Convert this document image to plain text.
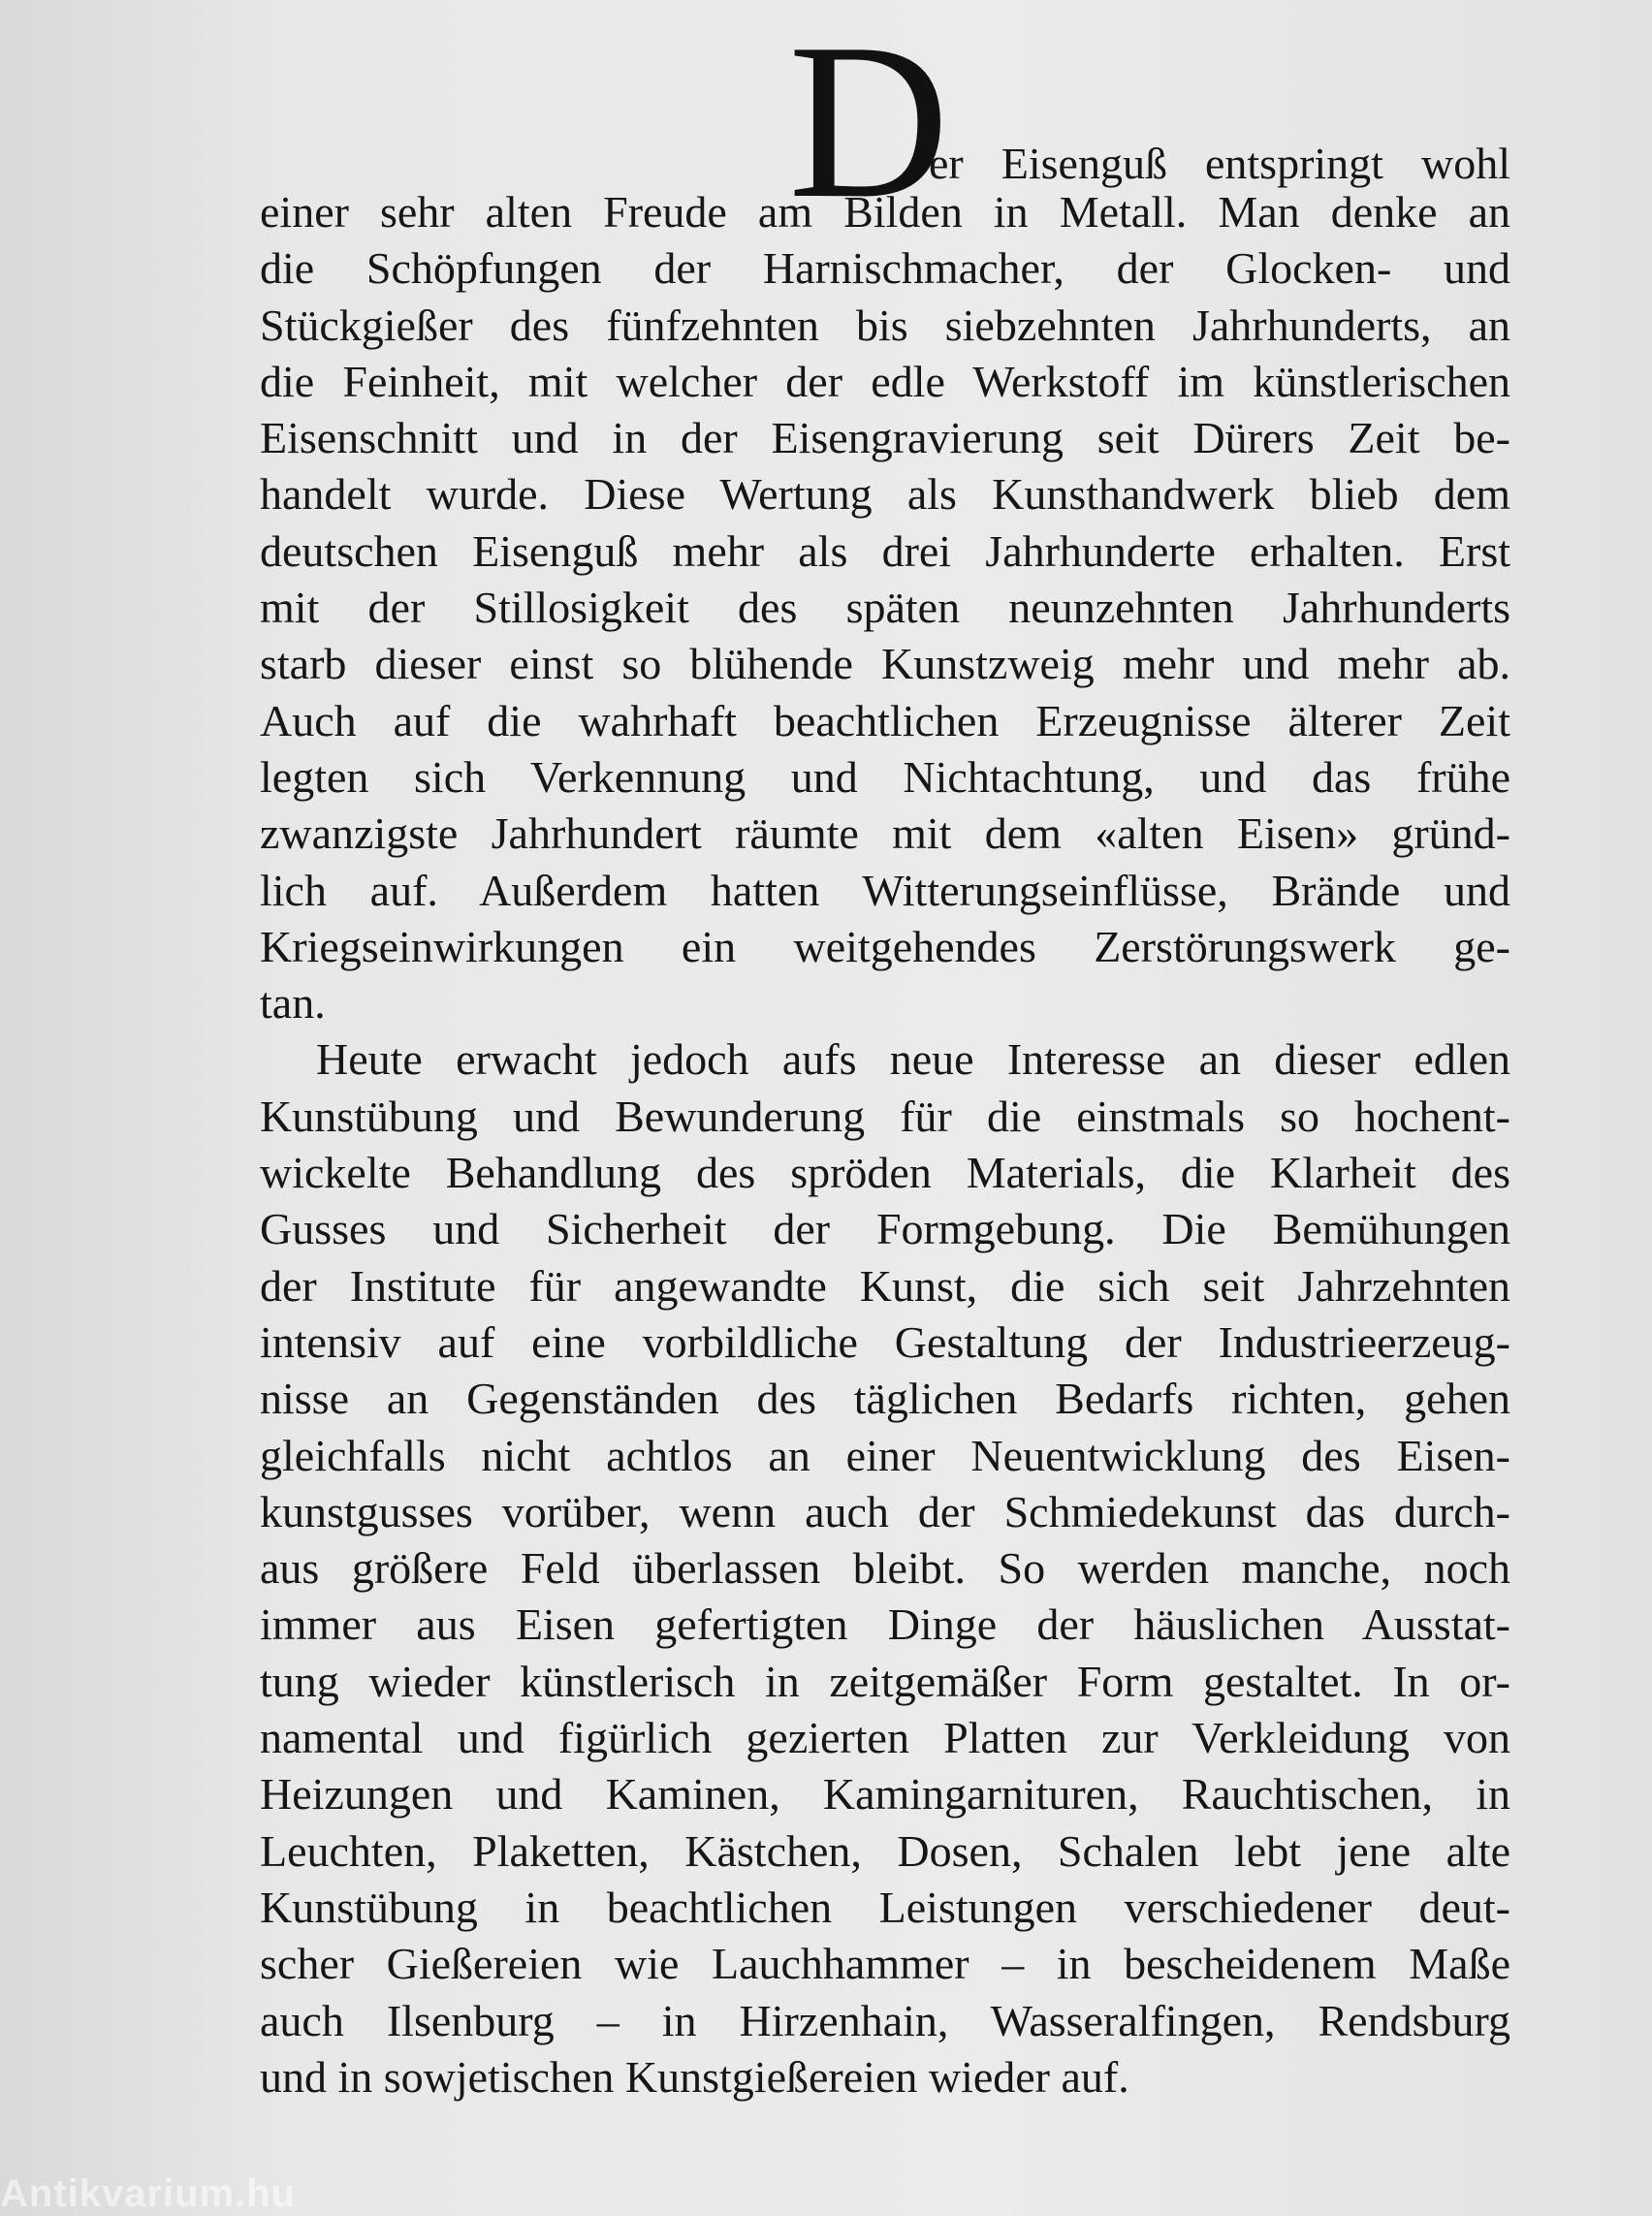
D
er Eisenguß entspringt wohl
einer sehr alten Freude am Bilden in Metall. Man denke an
die Schöpfungen der Harnischmacher, der Glocken- und
Stückgießer des fünfzehnten bis siebzehnten Jahrhunderts, an
die Feinheit, mit welcher der edle Werkstoff im künstlerischen
Eisenschnitt und in der Eisengravierung seit Dürers Zeit be-
handelt wurde. Diese Wertung als Kunsthandwerk blieb dem
deutschen Eisenguß mehr als drei Jahrhunderte erhalten. Erst
mit der Stillosigkeit des späten neunzehnten Jahrhunderts
starb dieser einst so blühende Kunstzweig mehr und mehr ab.
Auch auf die wahrhaft beachtlichen Erzeugnisse älterer Zeit
legten sich Verkennung und Nichtachtung, und das frühe
zwanzigste Jahrhundert räumte mit dem «alten Eisen» gründ-
lich auf. Außerdem hatten Witterungseinflüsse, Brände und
Kriegseinwirkungen ein weitgehendes Zerstörungswerk ge-
tan.
Heute erwacht jedoch aufs neue Interesse an dieser edlen
Kunstübung und Bewunderung für die einstmals so hochent-
wickelte Behandlung des spröden Materials, die Klarheit des
Gusses und Sicherheit der Formgebung. Die Bemühungen
der Institute für angewandte Kunst, die sich seit Jahrzehnten
intensiv auf eine vorbildliche Gestaltung der Industrieerzeug-
nisse an Gegenständen des täglichen Bedarfs richten, gehen
gleichfalls nicht achtlos an einer Neuentwicklung des Eisen-
kunstgusses vorüber, wenn auch der Schmiedekunst das durch-
aus größere Feld überlassen bleibt. So werden manche, noch
immer aus Eisen gefertigten Dinge der häuslichen Ausstat-
tung wieder künstlerisch in zeitgemäßer Form gestaltet. In or-
namental und figürlich gezierten Platten zur Verkleidung von
Heizungen und Kaminen, Kamingarnituren, Rauchtischen, in
Leuchten, Plaketten, Kästchen, Dosen, Schalen lebt jene alte
Kunstübung in beachtlichen Leistungen verschiedener deut-
scher Gießereien wie Lauchhammer – in bescheidenem Maße
auch Ilsenburg – in Hirzenhain, Wasseralfingen, Rendsburg
und in sowjetischen Kunstgießereien wieder auf.
Antikvarium.hu
